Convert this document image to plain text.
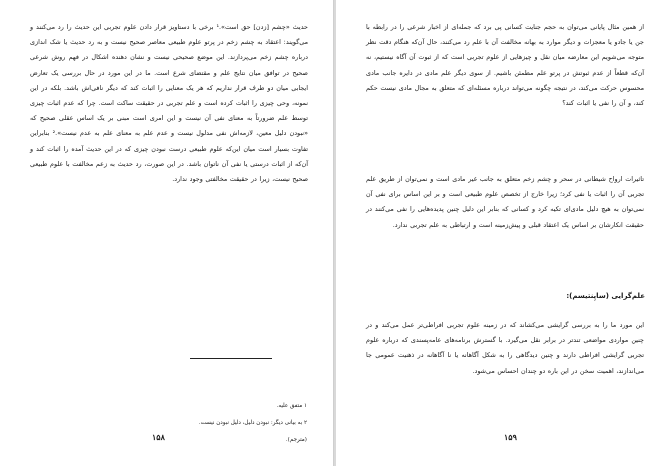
حدیث «چشم [زدن] حق است».¹ برخی با دستاویز قرار دادن علوم تجربی این حدیث را رد می‌کنند و می‌گویند: اعتقاد به چشم زخم در پرتو علوم طبیعی معاصر صحیح نیست و به رد حدیث یا شک اندازی درباره چشم زخم می‌پردازند. این موضع صحیحی نیست و نشان دهنده اشکال در فهم روش شرعی صحیح در توافق میان نتایج علم و مقتضای شرع است. ما در این مورد در حال بررسی یک تعارض ایجابی میان دو طرف قرار نداریم که هر یک معنایی را اثبات کند که دیگر نافی‌اش باشد. بلکه در این نمونه، وحی چیزی را اثبات کرده است و علم تجربی در حقیقت ساکت است. چرا که عدم اثبات چیزی توسط علم ضرورتاً به معنای نفی آن نیست و این امری است مبنی بر یک اساس عقلی صحیح که «نبودن دلیل معین، لازمه‌اش نفی مدلول نیست و عدم علم به معنای علم به عدم نیست».² بنابراین تفاوت بسیار است میان این‌که علوم طبیعی درست نبودن چیزی که در این حدیث آمده را اثبات کند و آن‌که از اثبات درستی یا نفی آن ناتوان باشد. در این صورت، رد حدیث به زعم مخالفت با علوم طبیعی صحیح نیست، زیرا در حقیقت مخالفتی وجود ندارد.

۱ متفق علیه.
۲ به بیانی دیگر: نبودن دلیل، دلیل نبودن نیست. (مترجم).
۱۵۸

از همین مثال پایانی می‌توان به حجم جنایت کسانی پی برد که جمله‌ای از اخبار شرعی را در رابطه با جن یا جادو یا معجزات و دیگر موارد به بهانه مخالفت آن با علم رد می‌کنند، حال آن‌که هنگام دقت نظر متوجه می‌شویم این معارضه میان نقل و چیزهایی از علوم تجربی است که از ثبوت آن آگاه نیستیم، نه آن‌که قطعاً از عدم ثبوتش در پرتو علم مطمئن باشیم. از سوی دیگر علم مادی در دایره جانب مادی محسوس حرکت می‌کند، در نتیجه چگونه می‌تواند درباره مسئله‌ای که متعلق به مجال مادی نیست حکم کند، و آن را نفی یا اثبات کند؟

تاثیرات ارواح شیطانی در سحر و چشم زخم متعلق به جانب غیر مادی است و نمی‌توان از طریق علم تجربی آن را اثبات یا نفی کرد؛ زیرا خارج از تخصص علوم طبیعی است و بر این اساس برای نفی آن نمی‌توان به هیچ دلیل مادی‌ای تکیه کرد و کسانی که بنابر این دلیل چنین پدیده‌هایی را نفی می‌کنند در حقیقت انکارشان بر اساس یک اعتقاد قبلی و پیش‌زمینه است و ارتباطی به علم تجربی ندارد.

علم‌گرایی (سایِنتیسم):

این مورد ما را به بررسی گرایشی می‌کشاند که در زمینه علوم تجربی افراطی‌تر عمل می‌کند و در چنین مواردی مواضعی تندتر در برابر نقل می‌گیرد. با گسترش برنامه‌های عامه‌پسندی که درباره علوم تجربی گرایشی افراطی دارند و چنین دیدگاهی را به شکل آگاهانه یا نا آگاهانه در ذهنیت عمومی جا می‌اندازند، اهمیت سخن در این باره دو چندان احساس می‌شود.

۱۵۹
